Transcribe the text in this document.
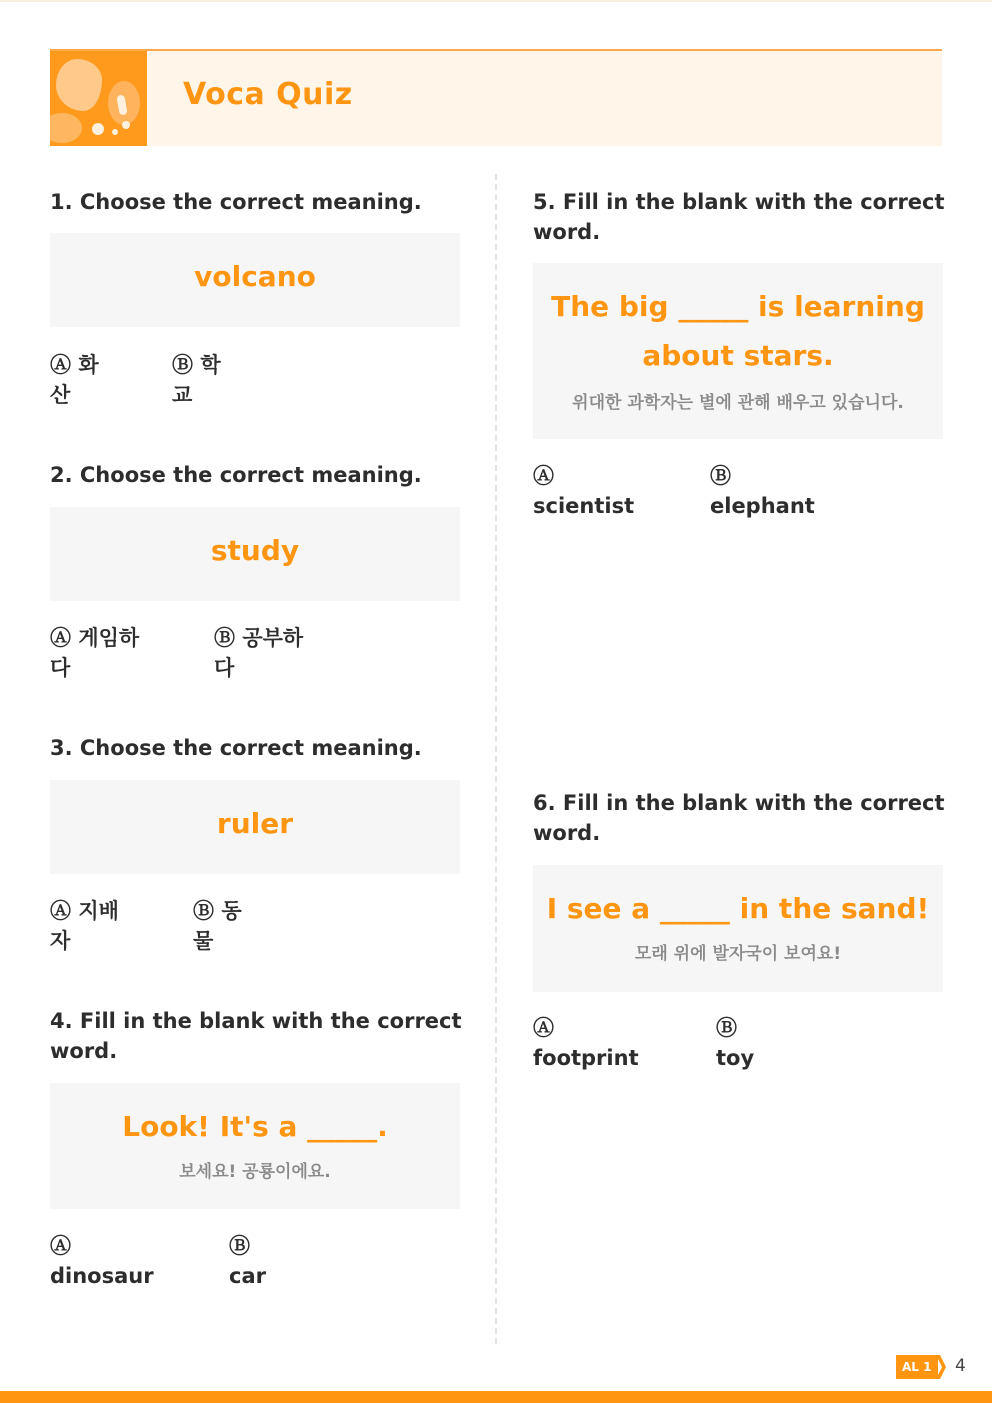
Voca Quiz
1. Choose the correct meaning.
volcano
Ⓐ 화
산
Ⓑ 학
교
2. Choose the correct meaning.
study
Ⓐ 게임하
다
Ⓑ 공부하
다
3. Choose the correct meaning.
ruler
Ⓐ 지배
자
Ⓑ 동
물
4. Fill in the blank with the correct
word.
Look! It's a _____.
보세요! 공룡이에요.
Ⓐ
dinosaur
Ⓑ
car
5. Fill in the blank with the correct
word.
The big _____ is learning
about stars.
위대한 과학자는 별에 관해 배우고 있습니다.
Ⓐ
scientist
Ⓑ
elephant
6. Fill in the blank with the correct
word.
I see a _____ in the sand!
모래 위에 발자국이 보여요!
Ⓐ
footprint
Ⓑ
toy
AL 1	4
